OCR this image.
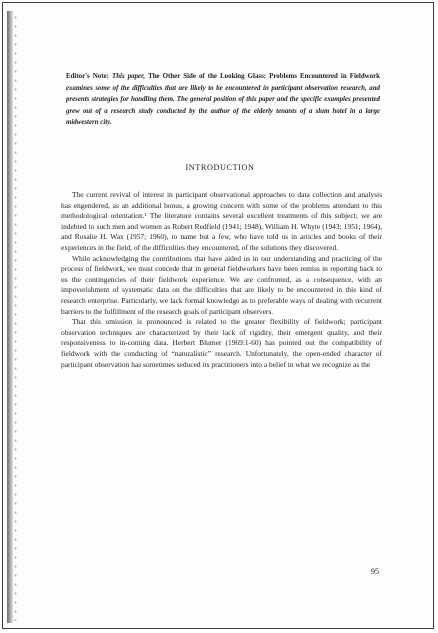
Editor's Note: This paper, The Other Side of the Looking Glass: Problems Encountered in Fieldwork examines some of the difficulties that are likely to be encountered in participant observation research, and presents strategies for handling them. The general position of this paper and the specific examples presented grew out of a research study conducted by the author of the elderly tenants of a slum hotel in a large midwestern city.
INTRODUCTION

The current revival of interest in participant observational approaches to data collection and analysis has engendered, as an additional bonus, a growing concern with some of the problems attendant to this methodological orientation.¹ The literature contains several excellent treatments of this subject; we are indebted to such men and women as Robert Redfield (1941; 1948), William H. Whyte (1943; 1951; 1964), and Rosalie H. Wax (1957; 1960), to name but a few, who have told us in articles and books of their experiences in the field, of the difficulties they encountered, of the solutions they discovered.

While acknowledging the contributions that have aided us in our understanding and practicing of the process of fieldwork, we must concede that in general fieldworkers have been remiss in reporting back to us the contingencies of their fieldwork experience. We are confronted, as a consequence, with an impoverishment of systematic data on the difficulties that are likely to be encountered in this kind of research enterprise. Particularly, we lack formal knowledge as to preferable ways of dealing with recurrent barriers to the fulfillment of the research goals of participant observers.

That this omission is pronounced is related to the greater flexibility of fieldwork; participant observation techniques are characterized by their lack of rigidity, their emergent quality, and their responsiveness to in-coming data. Herbert Blumer (1969:1-60) has pointed out the compatibility of fieldwork with the conducting of “naturalistic” research. Unfortunately, the open-ended character of participant observation has sometimes seduced its practitioners into a belief in what we recognize as the

95
